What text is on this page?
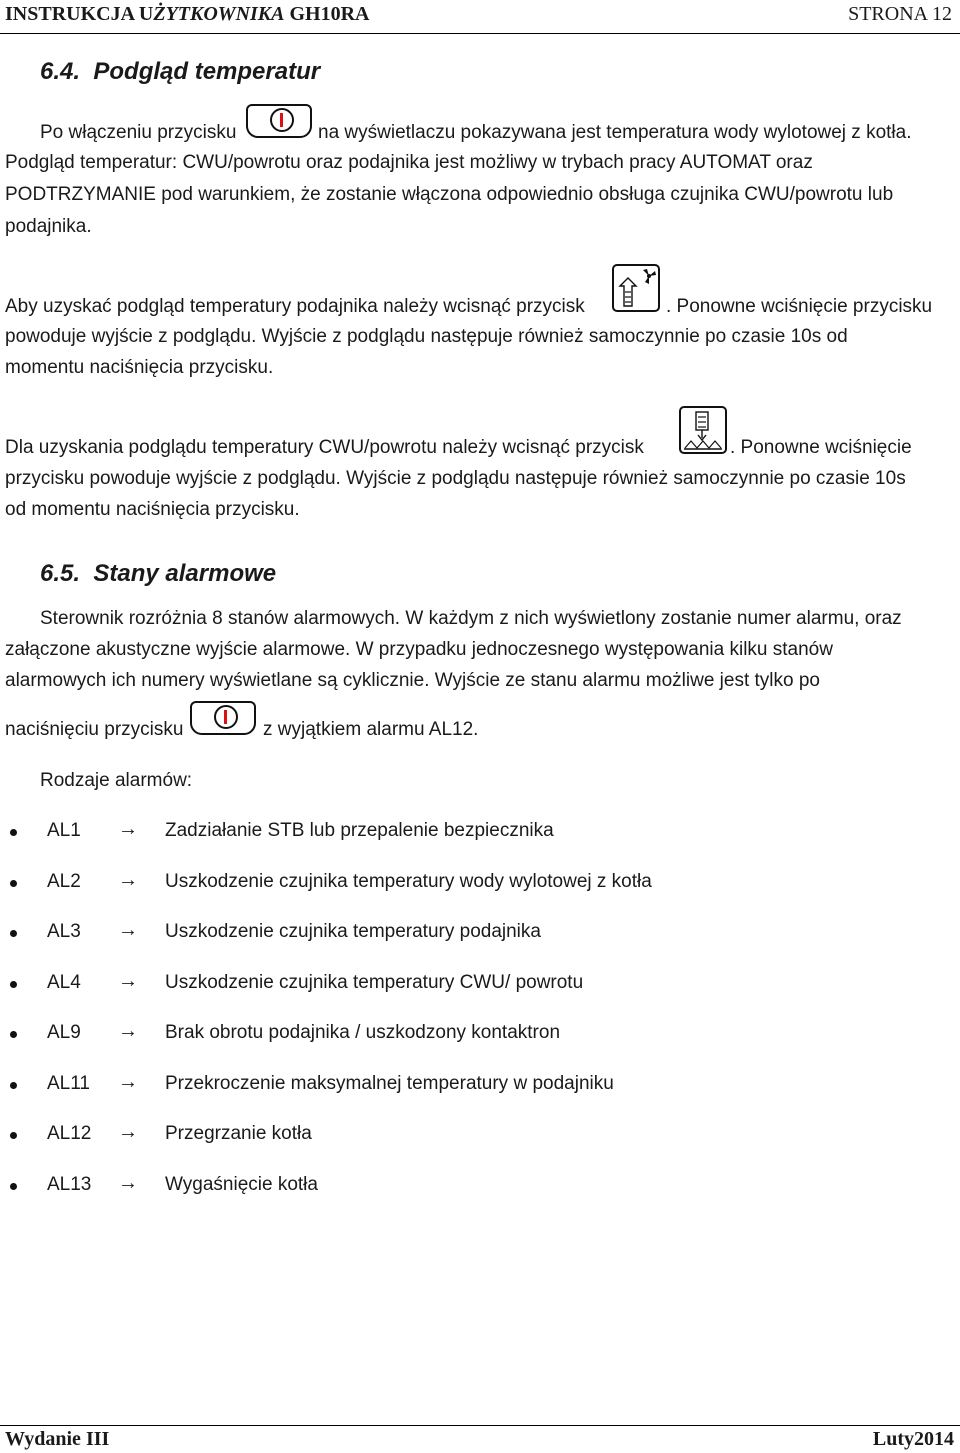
INSTRUKCJA UŻYTKOWNIKA GH10RA	STRONA 12
6.4. Podgląd temperatur
Po włączeniu przycisku	na wyświetlaczu pokazywana jest temperatura wody wylotowej z kotła.
Podgląd temperatur: CWU/powrotu oraz podajnika jest możliwy w trybach pracy AUTOMAT oraz
PODTRZYMANIE pod warunkiem, że zostanie włączona odpowiednio obsługa czujnika CWU/powrotu lub
podajnika.
Aby uzyskać podgląd temperatury podajnika należy wcisnąć przycisk	. Ponowne wciśnięcie przycisku
powoduje wyjście z podglądu. Wyjście z podglądu następuje również samoczynnie po czasie 10s od
momentu naciśnięcia przycisku.
Dla uzyskania podglądu temperatury CWU/powrotu należy wcisnąć przycisk	. Ponowne wciśnięcie
przycisku powoduje wyjście z podglądu. Wyjście z podglądu następuje również samoczynnie po czasie 10s
od momentu naciśnięcia przycisku.
6.5. Stany alarmowe
Sterownik rozróżnia 8 stanów alarmowych. W każdym z nich wyświetlony zostanie numer alarmu, oraz
załączone akustyczne wyjście alarmowe. W przypadku jednoczesnego występowania kilku stanów
alarmowych ich numery wyświetlane są cyklicznie. Wyjście ze stanu alarmu możliwe jest tylko po
naciśnięciu przycisku	z wyjątkiem alarmu AL12.
Rodzaje alarmów:
AL1 → Zadziałanie STB lub przepalenie bezpiecznika
AL2 → Uszkodzenie czujnika temperatury wody wylotowej z kotła
AL3 → Uszkodzenie czujnika temperatury podajnika
AL4 → Uszkodzenie czujnika temperatury CWU/ powrotu
AL9 → Brak obrotu podajnika / uszkodzony kontaktron
AL11 → Przekroczenie maksymalnej temperatury w podajniku
AL12 → Przegrzanie kotła
AL13 → Wygaśnięcie kotła
Wydanie III	Luty2014
